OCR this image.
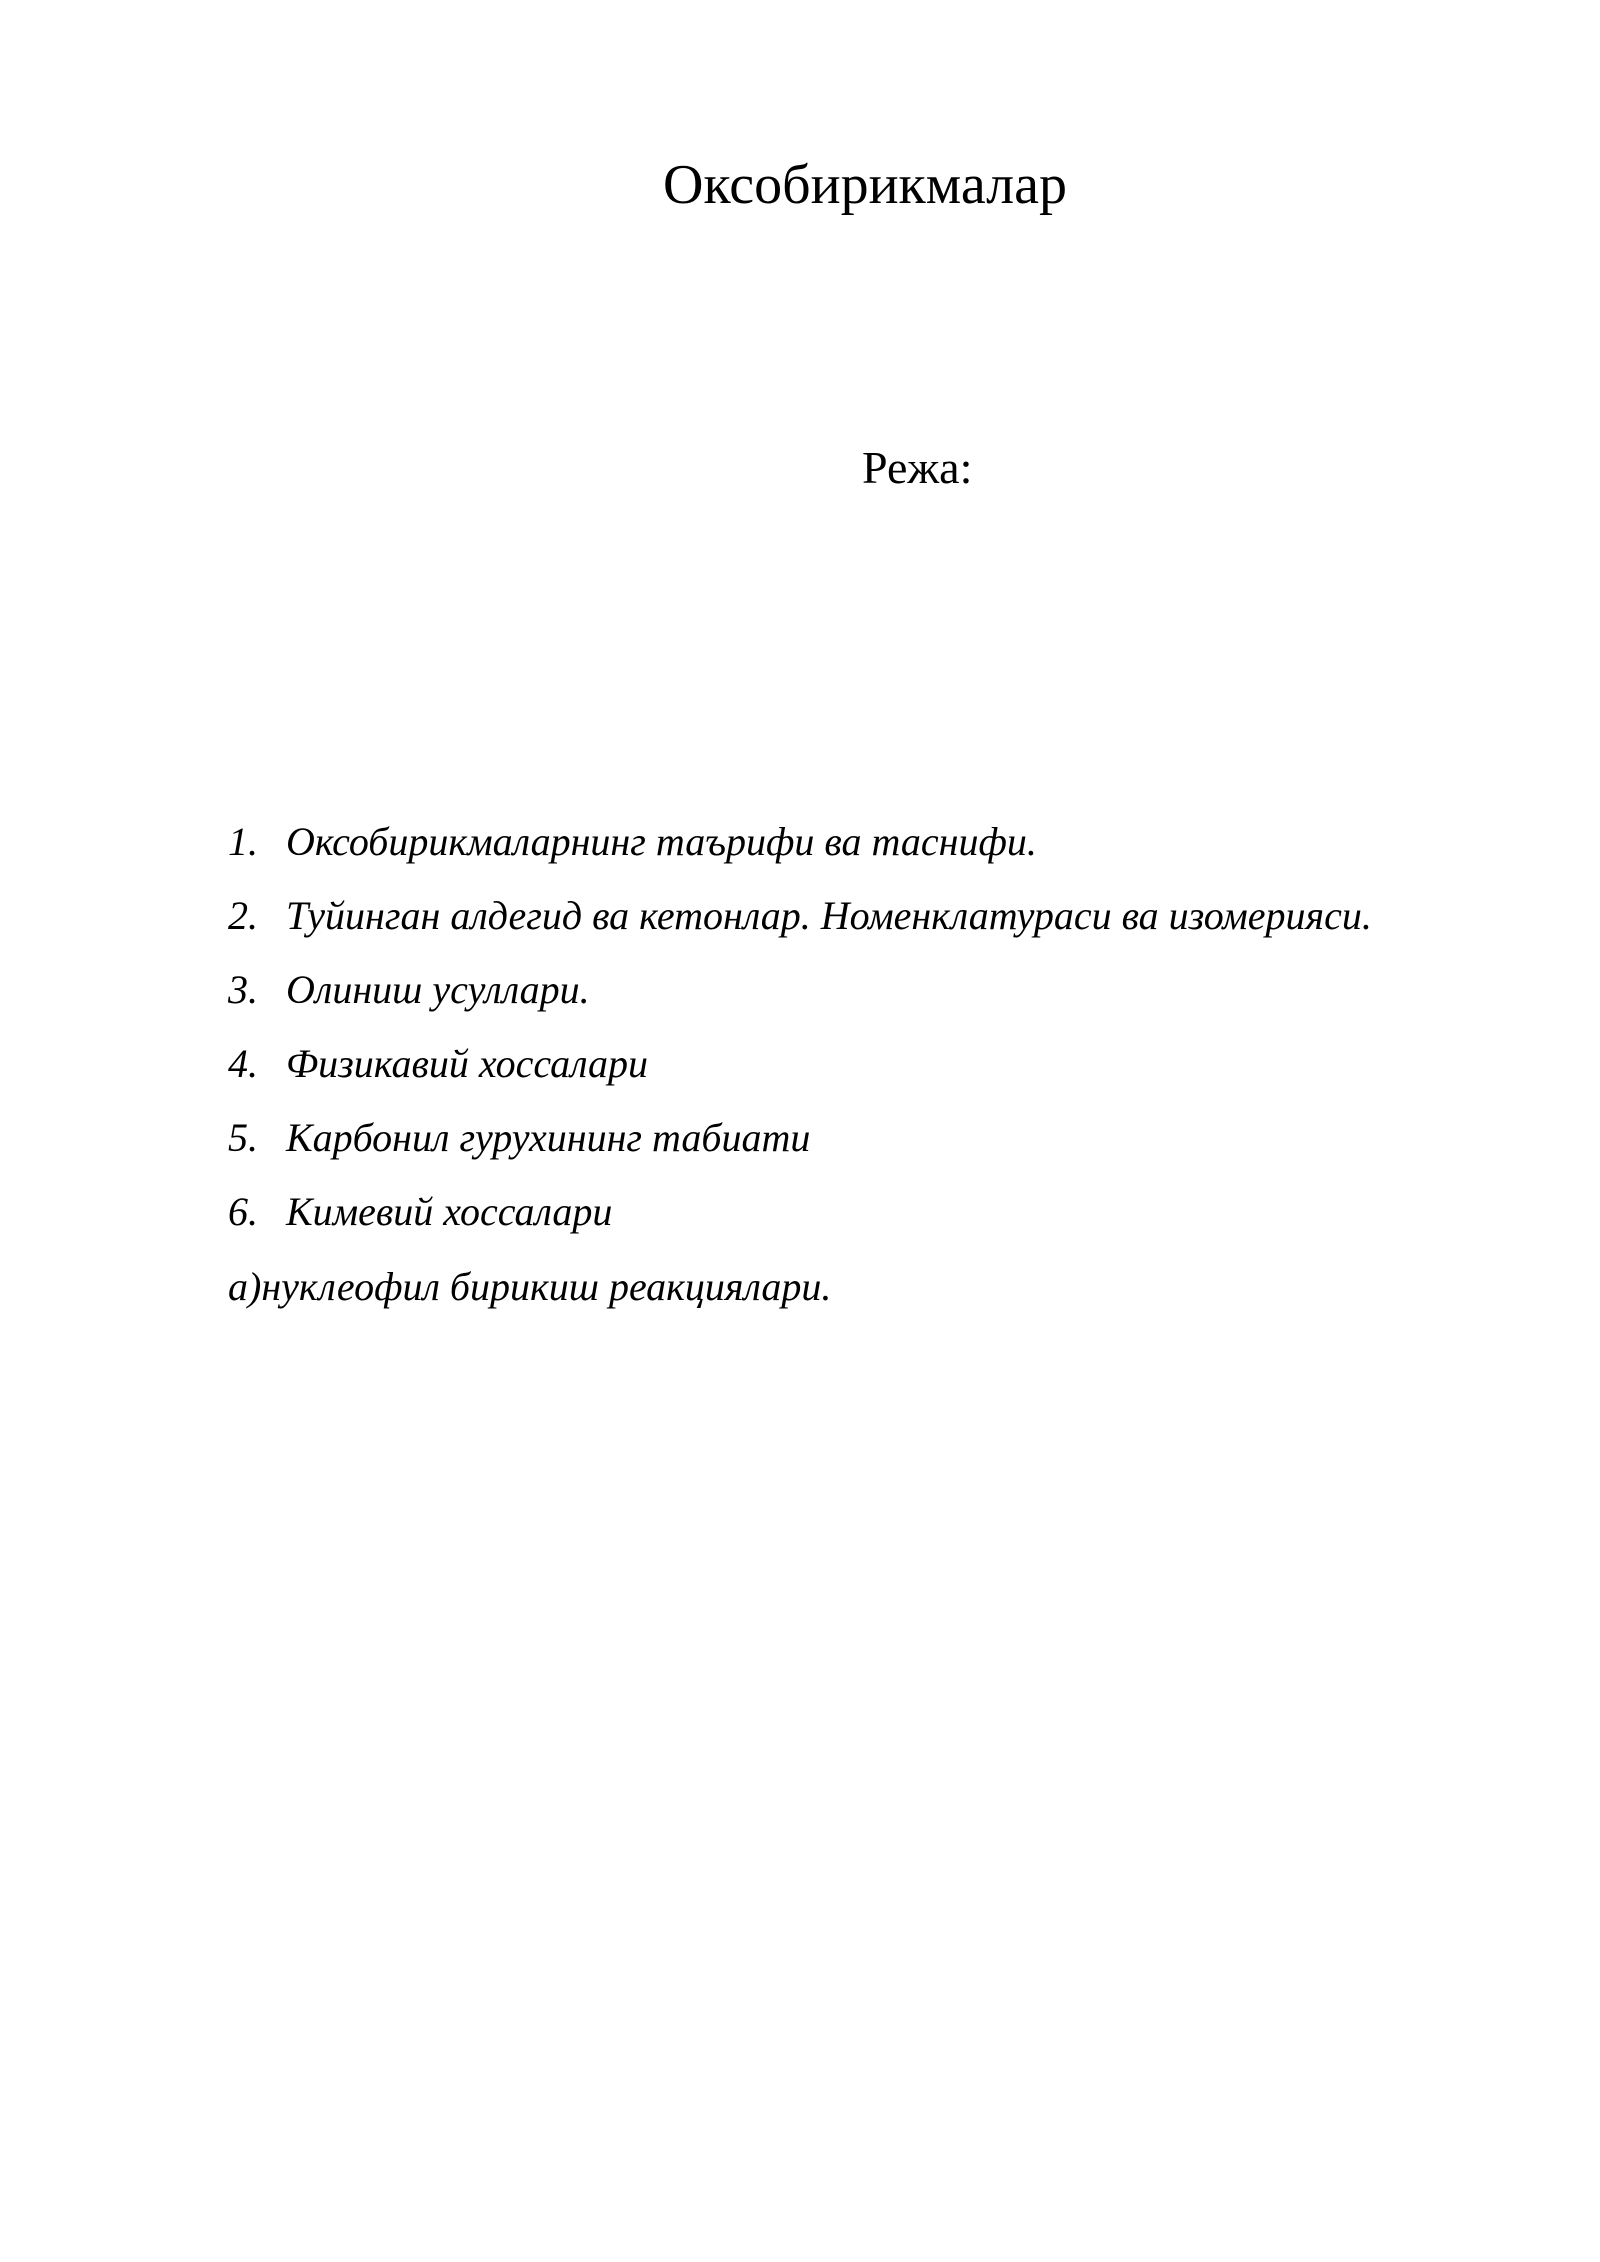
Оксобирикмалар

Режа:

1. Оксобирикмаларнинг таърифи ва таснифи.
2. Туйинган алдегид ва кетонлар. Номенклатураси ва изомерияси.
3. Олиниш усуллари.
4. Физикавий хоссалари
5. Карбонил гурухининг табиати
6. Кимевий хоссалари

а)нуклеофил бирикиш реакциялари.
